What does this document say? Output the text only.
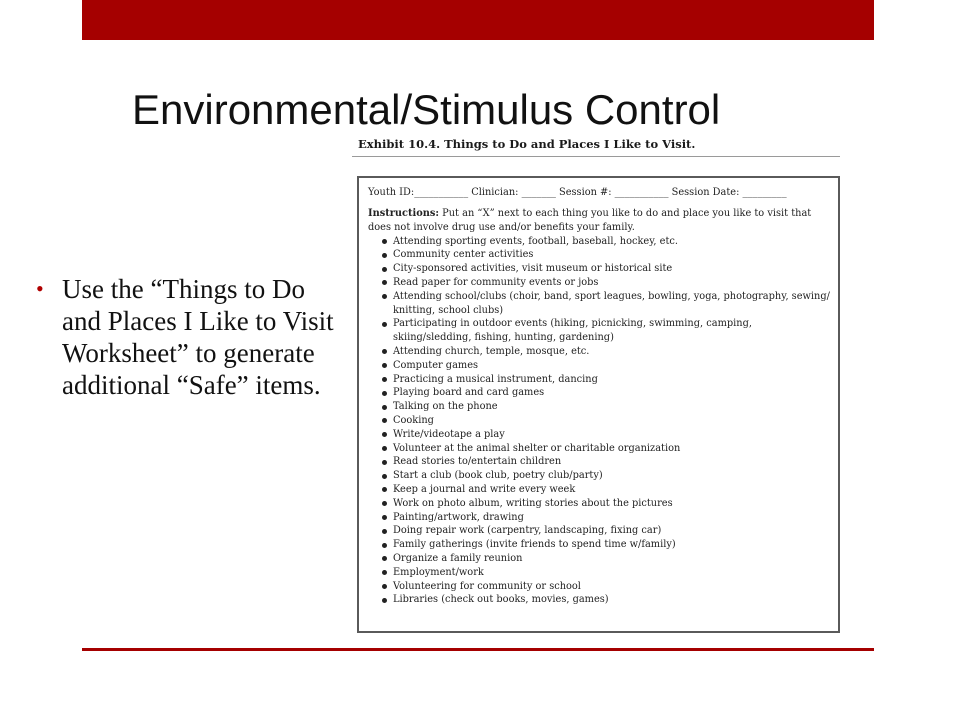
Environmental/Stimulus Control
• Use the “Things to Do and Places I Like to Visit Worksheet” to generate additional “Safe” items.
Exhibit 10.4. Things to Do and Places I Like to Visit.
Youth ID:___________ Clinician: _______ Session #: ___________ Session Date: _________
Instructions: Put an “X” next to each thing you like to do and place you like to visit that does not involve drug use and/or benefits your family.
Attending sporting events, football, baseball, hockey, etc.
Community center activities
City-sponsored activities, visit museum or historical site
Read paper for community events or jobs
Attending school/clubs (choir, band, sport leagues, bowling, yoga, photography, sewing/ knitting, school clubs)
Participating in outdoor events (hiking, picnicking, swimming, camping, skiing/sledding, fishing, hunting, gardening)
Attending church, temple, mosque, etc.
Computer games
Practicing a musical instrument, dancing
Playing board and card games
Talking on the phone
Cooking
Write/videotape a play
Volunteer at the animal shelter or charitable organization
Read stories to/entertain children
Start a club (book club, poetry club/party)
Keep a journal and write every week
Work on photo album, writing stories about the pictures
Painting/artwork, drawing
Doing repair work (carpentry, landscaping, fixing car)
Family gatherings (invite friends to spend time w/family)
Organize a family reunion
Employment/work
Volunteering for community or school
Libraries (check out books, movies, games)
